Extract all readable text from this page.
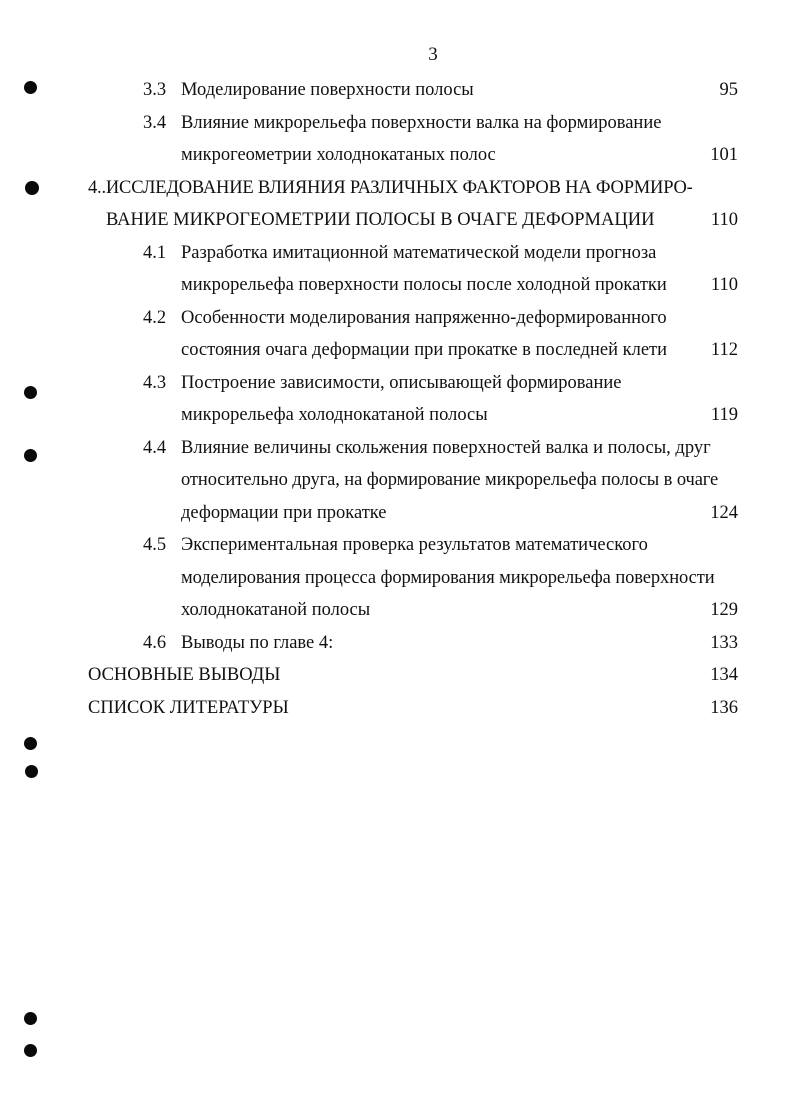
3
3.3 Моделирование поверхности полосы	95
3.4 Влияние микрорельефа поверхности валка на формирование
микрогеометрии холоднокатаных полос	101
4..ИССЛЕДОВАНИЕ ВЛИЯНИЯ РАЗЛИЧНЫХ ФАКТОРОВ НА ФОРМИРО-
ВАНИЕ МИКРОГЕОМЕТРИИ ПОЛОСЫ В ОЧАГЕ ДЕФОРМАЦИИ	110
4.1 Разработка имитационной математической модели прогноза
микрорельефа поверхности полосы после холодной прокатки	110
4.2 Особенности моделирования напряженно-деформированного
состояния очага деформации при прокатке в последней клети	112
4.3 Построение зависимости, описывающей формирование
микрорельефа холоднокатаной полосы	119
4.4 Влияние величины скольжения поверхностей валка и полосы, друг
относительно друга, на формирование микрорельефа полосы в очаге
деформации при прокатке	124
4.5 Экспериментальная проверка результатов математического
моделирования процесса формирования микрорельефа поверхности
холоднокатаной полосы	129
4.6 Выводы по главе 4:	133
ОСНОВНЫЕ ВЫВОДЫ	134
СПИСОК ЛИТЕРАТУРЫ	136
